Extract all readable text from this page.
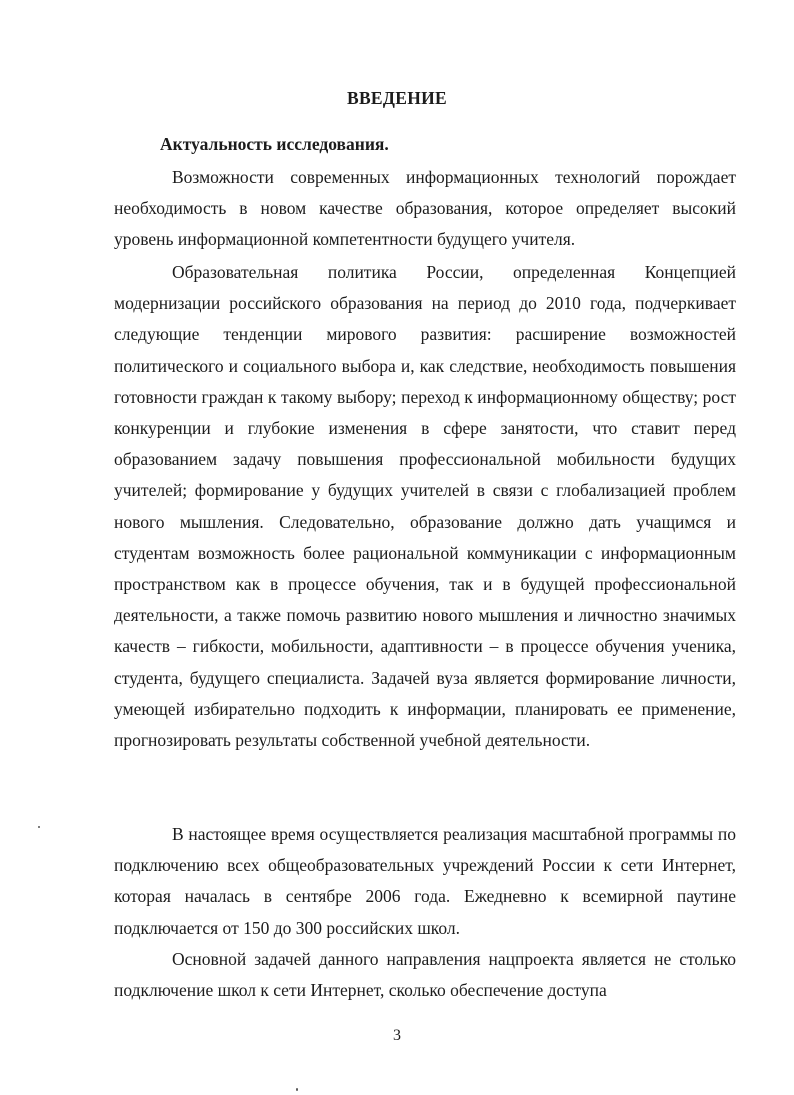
ВВЕДЕНИЕ
Актуальность исследования.

Возможности современных информационных технологий порождает необходимость в новом качестве образования, которое определяет высокий уровень информационной компетентности будущего учителя.

Образовательная политика России, определенная Концепцией модернизации российского образования на период до 2010 года, подчеркивает следующие тенденции мирового развития: расширение возможностей политического и социального выбора и, как следствие, необходимость повышения готовности граждан к такому выбору; переход к информационному обществу; рост конкуренции и глубокие изменения в сфере занятости, что ставит перед образованием задачу повышения профессиональной мобильности будущих учителей; формирование у будущих учителей в связи с глобализацией проблем нового мышления. Следовательно, образование должно дать учащимся и студентам возможность более рациональной коммуникации с информационным пространством как в процессе обучения, так и в будущей профессиональной деятельности, а также помочь развитию нового мышления и личностно значимых качеств – гибкости, мобильности, адаптивности – в процессе обучения ученика, студента, будущего специалиста. Задачей вуза является формирование личности, умеющей избирательно подходить к информации, планировать ее применение, прогнозировать результаты собственной учебной деятельности.

В настоящее время осуществляется реализация масштабной программы по подключению всех общеобразовательных учреждений России к сети Интернет, которая началась в сентябре 2006 года. Ежедневно к всемирной паутине подключается от 150 до 300 российских школ.

Основной задачей данного направления нацпроекта является не столько подключение школ к сети Интернет, сколько обеспечение доступа

3
